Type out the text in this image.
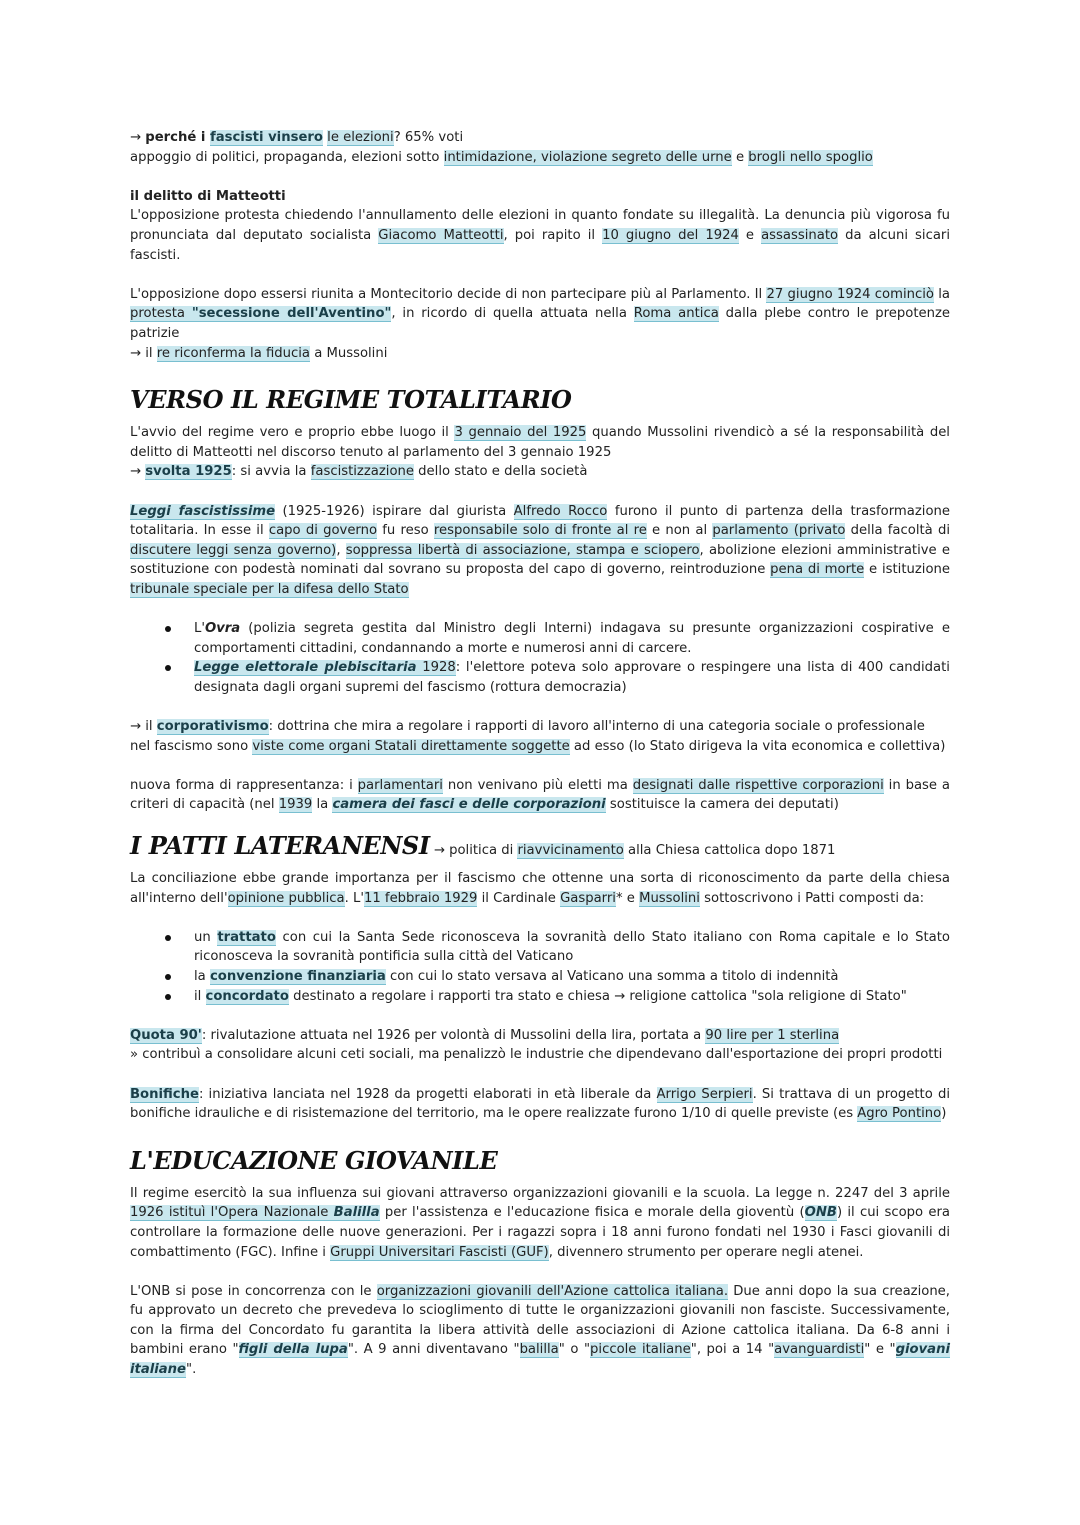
→ perché i fascisti vinsero le elezioni? 65% voti

appoggio di politici, propaganda, elezioni sotto intimidazione, violazione segreto delle urne e brogli nello spoglio

il delitto di Matteotti

L'opposizione protesta chiedendo l'annullamento delle elezioni in quanto fondate su illegalità. La denuncia più vigorosa fu pronunciata dal deputato socialista Giacomo Matteotti, poi rapito il 10 giugno del 1924 e assassinato da alcuni sicari fascisti.

L'opposizione dopo essersi riunita a Montecitorio decide di non partecipare più al Parlamento. Il 27 giugno 1924 cominciò la protesta "secessione dell'Aventino", in ricordo di quella attuata nella Roma antica dalla plebe contro le prepotenze patrizie

→ il re riconferma la fiducia a Mussolini

VERSO IL REGIME TOTALITARIO

L'avvio del regime vero e proprio ebbe luogo il 3 gennaio del 1925 quando Mussolini rivendicò a sé la responsabilità del delitto di Matteotti nel discorso tenuto al parlamento del 3 gennaio 1925

→ svolta 1925: si avvia la fascistizzazione dello stato e della società

Leggi fascistissime (1925-1926) ispirare dal giurista Alfredo Rocco furono il punto di partenza della trasformazione totalitaria. In esse il capo di governo fu reso responsabile solo di fronte al re e non al parlamento (privato della facoltà di discutere leggi senza governo), soppressa libertà di associazione, stampa e sciopero, abolizione elezioni amministrative e sostituzione con podestà nominati dal sovrano su proposta del capo di governo, reintroduzione pena di morte e istituzione tribunale speciale per la difesa dello Stato

L'Ovra (polizia segreta gestita dal Ministro degli Interni) indagava su presunte organizzazioni cospirative e comportamenti cittadini, condannando a morte e numerosi anni di carcere.
Legge elettorale plebiscitaria 1928: l'elettore poteva solo approvare o respingere una lista di 400 candidati designata dagli organi supremi del fascismo (rottura democrazia)

→ il corporativismo: dottrina che mira a regolare i rapporti di lavoro all'interno di una categoria sociale o professionale
nel fascismo sono viste come organi Statali direttamente soggette ad esso (lo Stato dirigeva la vita economica e collettiva)

nuova forma di rappresentanza: i parlamentari non venivano più eletti ma designati dalle rispettive corporazioni in base a criteri di capacità (nel 1939 la camera dei fasci e delle corporazioni sostituisce la camera dei deputati)

I PATTI LATERANENSI → politica di riavvicinamento alla Chiesa cattolica dopo 1871

La conciliazione ebbe grande importanza per il fascismo che ottenne una sorta di riconoscimento da parte della chiesa all'interno dell'opinione pubblica. L'11 febbraio 1929 il Cardinale Gasparri* e Mussolini sottoscrivono i Patti composti da:

un trattato con cui la Santa Sede riconosceva la sovranità dello Stato italiano con Roma capitale e lo Stato riconosceva la sovranità pontificia sulla città del Vaticano
la convenzione finanziaria con cui lo stato versava al Vaticano una somma a titolo di indennità
il concordato destinato a regolare i rapporti tra stato e chiesa → religione cattolica "sola religione di Stato"

Quota 90': rivalutazione attuata nel 1926 per volontà di Mussolini della lira, portata a 90 lire per 1 sterlina
» contribuì a consolidare alcuni ceti sociali, ma penalizzò le industrie che dipendevano dall'esportazione dei propri prodotti

Bonifiche: iniziativa lanciata nel 1928 da progetti elaborati in età liberale da Arrigo Serpieri. Si trattava di un progetto di bonifiche idrauliche e di risistemazione del territorio, ma le opere realizzate furono 1/10 di quelle previste (es Agro Pontino)

L'EDUCAZIONE GIOVANILE

Il regime esercitò la sua influenza sui giovani attraverso organizzazioni giovanili e la scuola. La legge n. 2247 del 3 aprile 1926 istituì l'Opera Nazionale Balilla per l'assistenza e l'educazione fisica e morale della gioventù (ONB) il cui scopo era controllare la formazione delle nuove generazioni. Per i ragazzi sopra i 18 anni furono fondati nel 1930 i Fasci giovanili di combattimento (FGC). Infine i Gruppi Universitari Fascisti (GUF), divennero strumento per operare negli atenei.

L'ONB si pose in concorrenza con le organizzazioni giovanili dell'Azione cattolica italiana. Due anni dopo la sua creazione, fu approvato un decreto che prevedeva lo scioglimento di tutte le organizzazioni giovanili non fasciste. Successivamente, con la firma del Concordato fu garantita la libera attività delle associazioni di Azione cattolica italiana. Da 6-8 anni i bambini erano "figli della lupa". A 9 anni diventavano "balilla" o "piccole italiane", poi a 14 "avanguardisti" e "giovani italiane".
